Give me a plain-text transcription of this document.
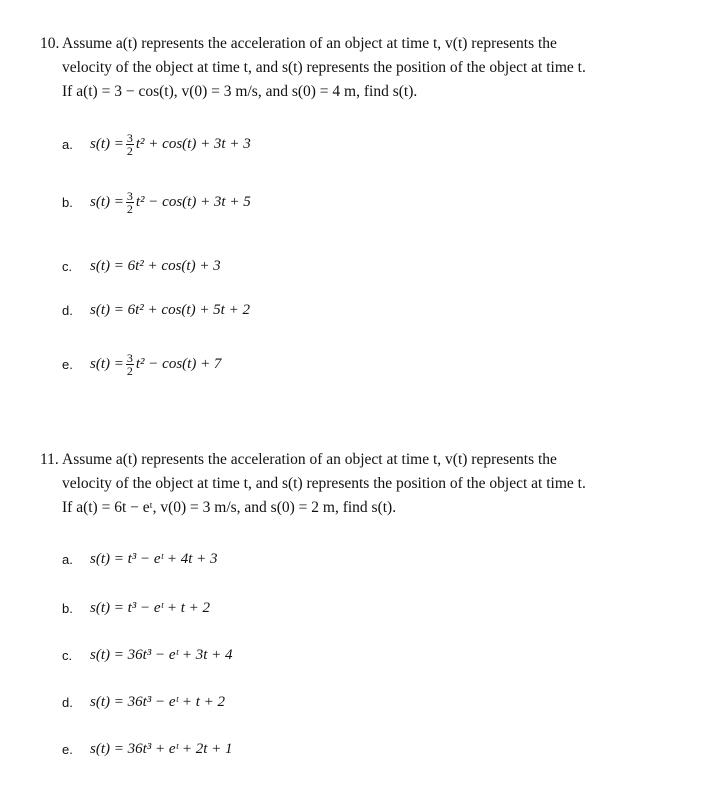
10. Assume a(t) represents the acceleration of an object at time t, v(t) represents the
velocity of the object at time t, and s(t) represents the position of the object at time t.
If a(t) = 3 − cos(t), v(0) = 3 m/s, and s(0) = 4 m, find s(t).
a.	$s(t) = \frac{3}{2} t^2 + \cos(t) + 3t + 3$
b.	$s(t) = \frac{3}{2} t^2 - \cos(t) + 3t + 5$
c.	s(t) =
6t² + cos(t) + 3
d.	s(t) =
6t² + cos(t) + 5t + 2
e.	$s(t) = \frac{3}{2} t^2 - \cos(t) + 7$
11. Assume a(t) represents the acceleration of an object at time t, v(t) represents the
velocity of the object at time t, and s(t) represents the position of the object at time t.
If a(t) = 6t − eᵗ, v(0) = 3 m/s, and s(0) = 2 m, find s(t).
a.	s(t) =
t³ − eᵗ + 4t + 3
b.	s(t) =
t³ − eᵗ + t + 2
c.	s(t) =
36t³ − eᵗ + 3t + 4
d.	s(t) =
36t³ − eᵗ + t + 2
e.	s(t) =
36t³ + eᵗ + 2t + 1
